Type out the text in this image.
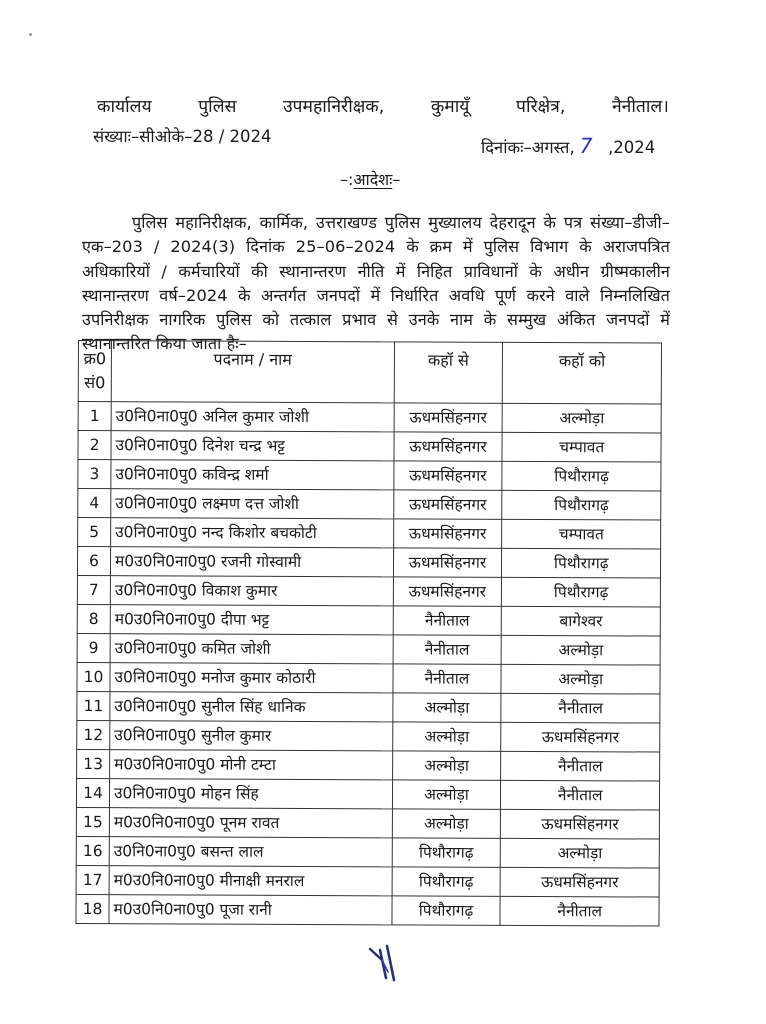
कार्यालय	पुलिस	उपमहानिरीक्षक,	कुमायूँ	परिक्षेत्र,	नैनीताल।
संख्याः–सीओके–28 / 2024
दिनांकः–अगस्त,7 ,2024
–:आदेशः–

पुलिस महानिरीक्षक, कार्मिक, उत्तराखण्ड पुलिस मुख्यालय देहरादून के पत्र संख्या–डीजी–एक–203 / 2024(3) दिनांक 25–06–2024 के क्रम में पुलिस विभाग के अराजपत्रित अधिकारियों / कर्मचारियों की स्थानान्तरण नीति में निहित प्राविधानों के अधीन ग्रीष्मकालीन स्थानान्तरण वर्ष–2024 के अन्तर्गत जनपदों में निर्धारित अवधि पूर्ण करने वाले निम्नलिखित उपनिरीक्षक नागरिक पुलिस को तत्काल प्रभाव से उनके नाम के सम्मुख अंकित जनपदों में स्थानान्तरित किया जाता हैः–

क्र0
सं0	पदनाम / नाम	कहॉ से	कहॉ को
1	उ0नि0ना0पु0 अनिल कुमार जोशी	ऊधमसिंहनगर	अल्मोड़ा
2	उ0नि0ना0पु0 दिनेश चन्द्र भट्ट	ऊधमसिंहनगर	चम्पावत
3	उ0नि0ना0पु0 कविन्द्र शर्मा	ऊधमसिंहनगर	पिथौरागढ़
4	उ0नि0ना0पु0 लक्ष्मण दत्त जोशी	ऊधमसिंहनगर	पिथौरागढ़
5	उ0नि0ना0पु0 नन्द किशोर बचकोटी	ऊधमसिंहनगर	चम्पावत
6	म0उ0नि0ना0पु0 रजनी गोस्वामी	ऊधमसिंहनगर	पिथौरागढ़
7	उ0नि0ना0पु0 विकाश कुमार	ऊधमसिंहनगर	पिथौरागढ़
8	म0उ0नि0ना0पु0 दीपा भट्ट	नैनीताल	बागेश्वर
9	उ0नि0ना0पु0 कमित जोशी	नैनीताल	अल्मोड़ा
10	उ0नि0ना0पु0 मनोज कुमार कोठारी	नैनीताल	अल्मोड़ा
11	उ0नि0ना0पु0 सुनील सिंह धानिक	अल्मोड़ा	नैनीताल
12	उ0नि0ना0पु0 सुनील कुमार	अल्मोड़ा	ऊधमसिंहनगर
13	म0उ0नि0ना0पु0 मोनी टम्टा	अल्मोड़ा	नैनीताल
14	उ0नि0ना0पु0 मोहन सिंह	अल्मोड़ा	नैनीताल
15	म0उ0नि0ना0पु0 पूनम रावत	अल्मोड़ा	ऊधमसिंहनगर
16	उ0नि0ना0पु0 बसन्त लाल	पिथौरागढ़	अल्मोड़ा
17	म0उ0नि0ना0पु0 मीनाक्षी मनराल	पिथौरागढ़	ऊधमसिंहनगर
18	म0उ0नि0ना0पु0 पूजा रानी	पिथौरागढ़	नैनीताल
